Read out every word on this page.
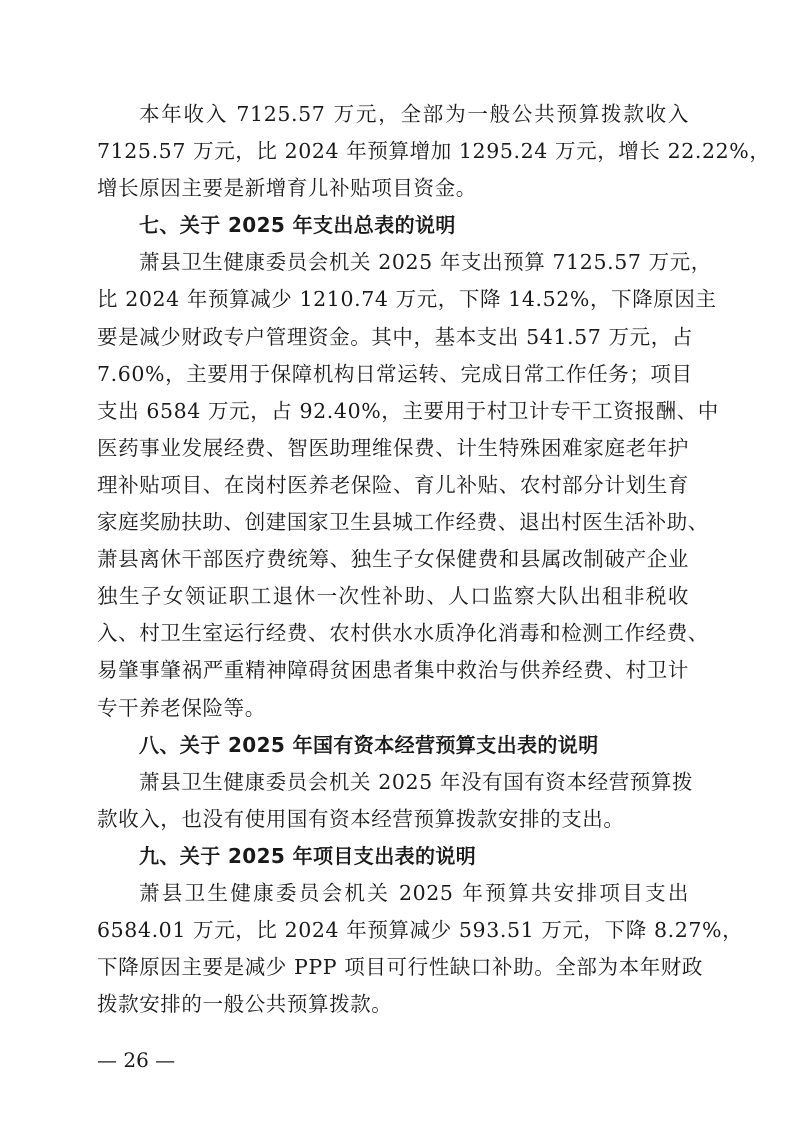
本年收入 7125.57 万元，全部为一般公共预算拨款收入
7125.57 万元，比 2024 年预算增加 1295.24 万元，增长 22.22%，
增长原因主要是新增育儿补贴项目资金。
七、关于 2025 年支出总表的说明
萧县卫生健康委员会机关 2025 年支出预算 7125.57 万元，
比 2024 年预算减少 1210.74 万元，下降 14.52%，下降原因主
要是减少财政专户管理资金。其中，基本支出 541.57 万元，占
7.60%，主要用于保障机构日常运转、完成日常工作任务；项目
支出 6584 万元，占 92.40%，主要用于村卫计专干工资报酬、中
医药事业发展经费、智医助理维保费、计生特殊困难家庭老年护
理补贴项目、在岗村医养老保险、育儿补贴、农村部分计划生育
家庭奖励扶助、创建国家卫生县城工作经费、退出村医生活补助、
萧县离休干部医疗费统筹、独生子女保健费和县属改制破产企业
独生子女领证职工退休一次性补助、人口监察大队出租非税收
入、村卫生室运行经费、农村供水水质净化消毒和检测工作经费、
易肇事肇祸严重精神障碍贫困患者集中救治与供养经费、村卫计
专干养老保险等。
八、关于 2025 年国有资本经营预算支出表的说明
萧县卫生健康委员会机关 2025 年没有国有资本经营预算拨
款收入，也没有使用国有资本经营预算拨款安排的支出。
九、关于 2025 年项目支出表的说明
萧县卫生健康委员会机关 2025 年预算共安排项目支出
6584.01 万元，比 2024 年预算减少 593.51 万元，下降 8.27%，
下降原因主要是减少 PPP 项目可行性缺口补助。全部为本年财政
拨款安排的一般公共预算拨款。
— 26 —
